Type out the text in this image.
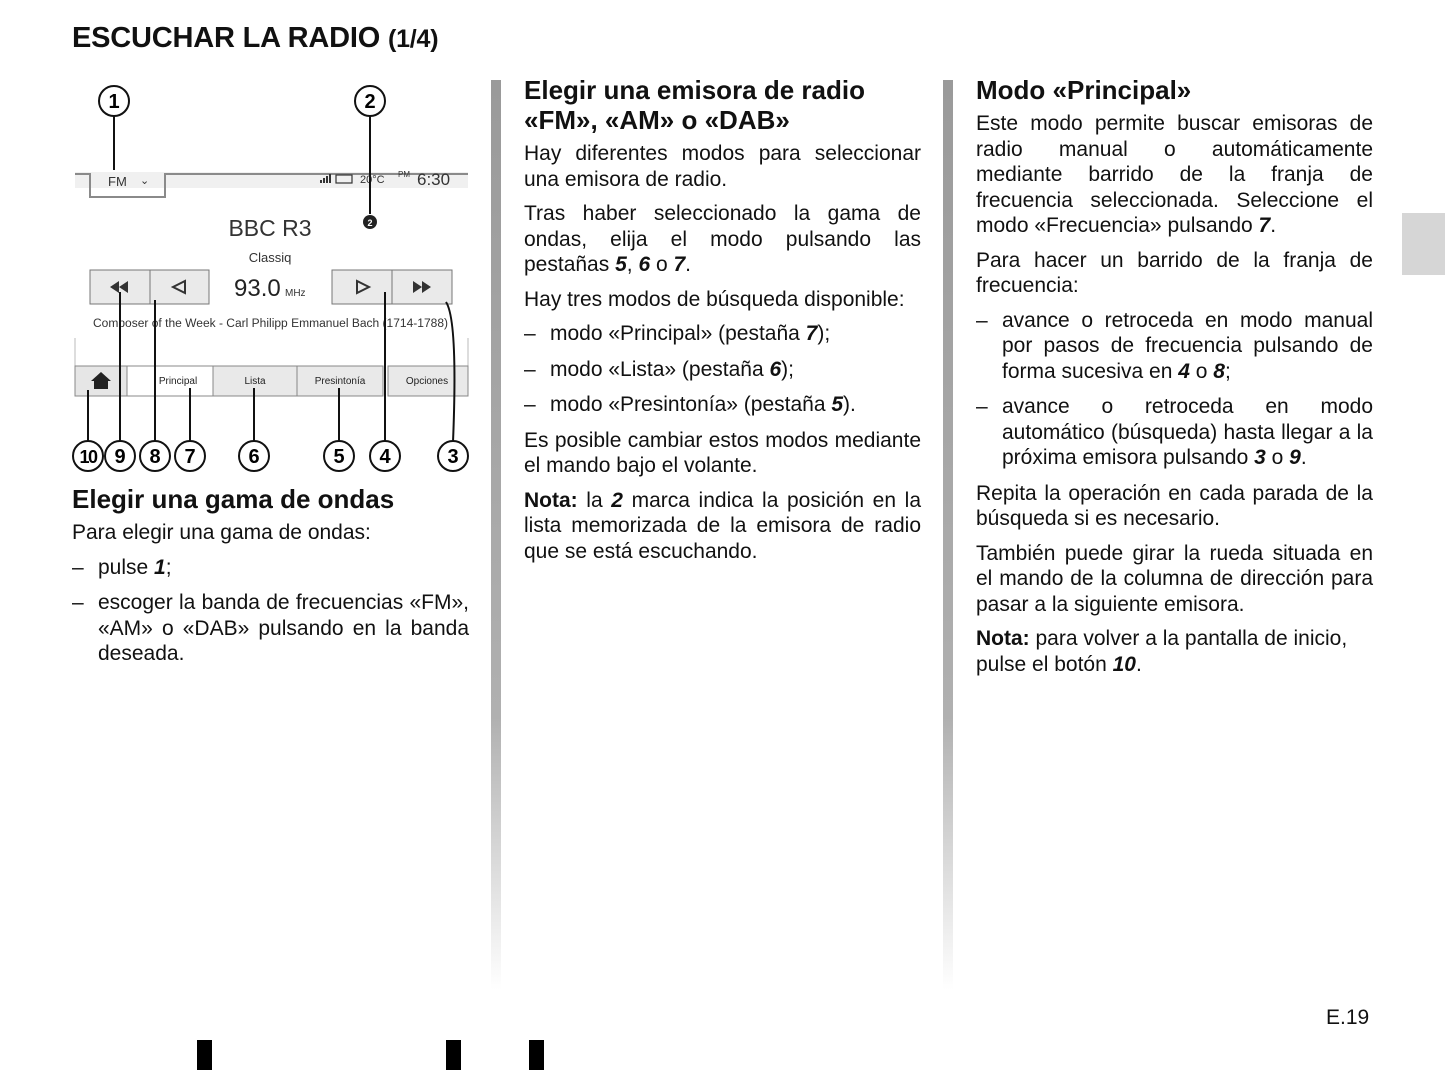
ESCUCHAR LA RADIO (1/4)
FM ⌄	20°C PM 6:30
BBC R3	2
Classiq
93.0 MHz
Composer of the Week - Carl Philipp Emmanuel Bach (1714-1788)
Principal	Lista	Presintonía	Opciones
1	2
3
4
5
6
7
8
9
10
Elegir una gama de ondas

Para elegir una gama de ondas:

– pulse 1;
– escoger la banda de frecuencias «FM», «AM» o «DAB» pulsando en la banda deseada.
Elegir una emisora de radio «FM», «AM» o «DAB»

Hay diferentes modos para seleccionar una emisora de radio.

Tras haber seleccionado la gama de ondas, elija el modo pulsando las pestañas 5, 6 o 7.

Hay tres modos de búsqueda disponible:

– modo «Principal» (pestaña 7);
– modo «Lista» (pestaña 6);
– modo «Presintonía» (pestaña 5).

Es posible cambiar estos modos mediante el mando bajo el volante.

Nota: la 2 marca indica la posición en la lista memorizada de la emisora de radio que se está escuchando.

Modo «Principal»

Este modo permite buscar emisoras de radio manual o automáticamente mediante barrido de la franja de frecuencia seleccionada. Seleccione el modo «Frecuencia» pulsando 7.

Para hacer un barrido de la franja de frecuencia:

– avance o retroceda en modo manual por pasos de frecuencia pulsando de forma sucesiva en 4 o 8;
– avance o retroceda en modo automático (búsqueda) hasta llegar a la próxima emisora pulsando 3 o 9.

Repita la operación en cada parada de la búsqueda si es necesario.

También puede girar la rueda situada en el mando de la columna de dirección para pasar a la siguiente emisora.

Nota: para volver a la pantalla de inicio, pulse el botón 10.

E.19
